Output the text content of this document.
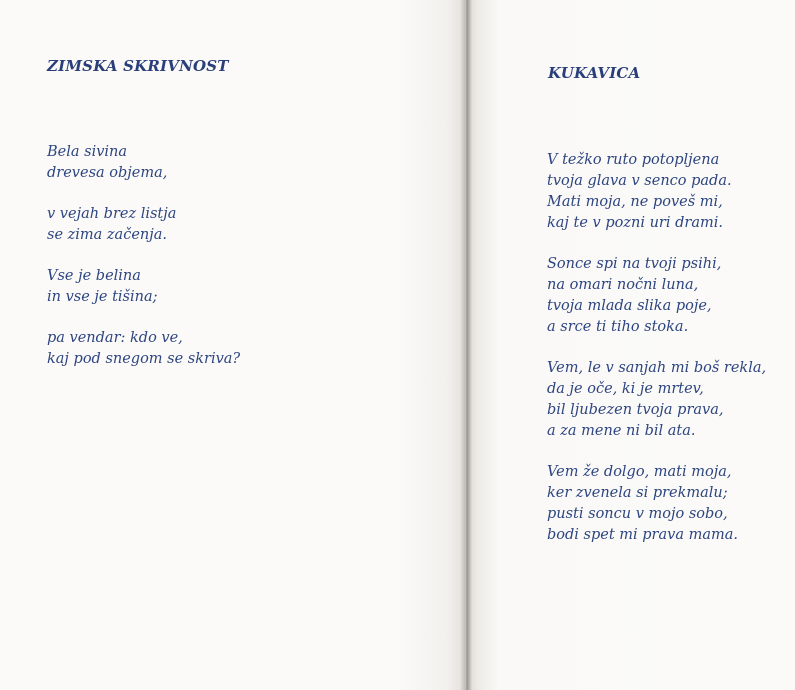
ZIMSKA SKRIVNOST
Bela sivina
drevesa objema,
v vejah brez listja
se zima začenja.
Vse je belina
in vse je tišina;
pa vendar: kdo ve,
kaj pod snegom se skriva?
KUKAVICA
V težko ruto potopljena
tvoja glava v senco pada.
Mati moja, ne poveš mi,
kaj te v pozni uri drami.
Sonce spi na tvoji psihi,
na omari nočni luna,
tvoja mlada slika poje,
a srce ti tiho stoka.
Vem, le v sanjah mi boš rekla,
da je oče, ki je mrtev,
bil ljubezen tvoja prava,
a za mene ni bil ata.
Vem že dolgo, mati moja,
ker zvenela si prekmalu;
pusti soncu v mojo sobo,
bodi spet mi prava mama.
